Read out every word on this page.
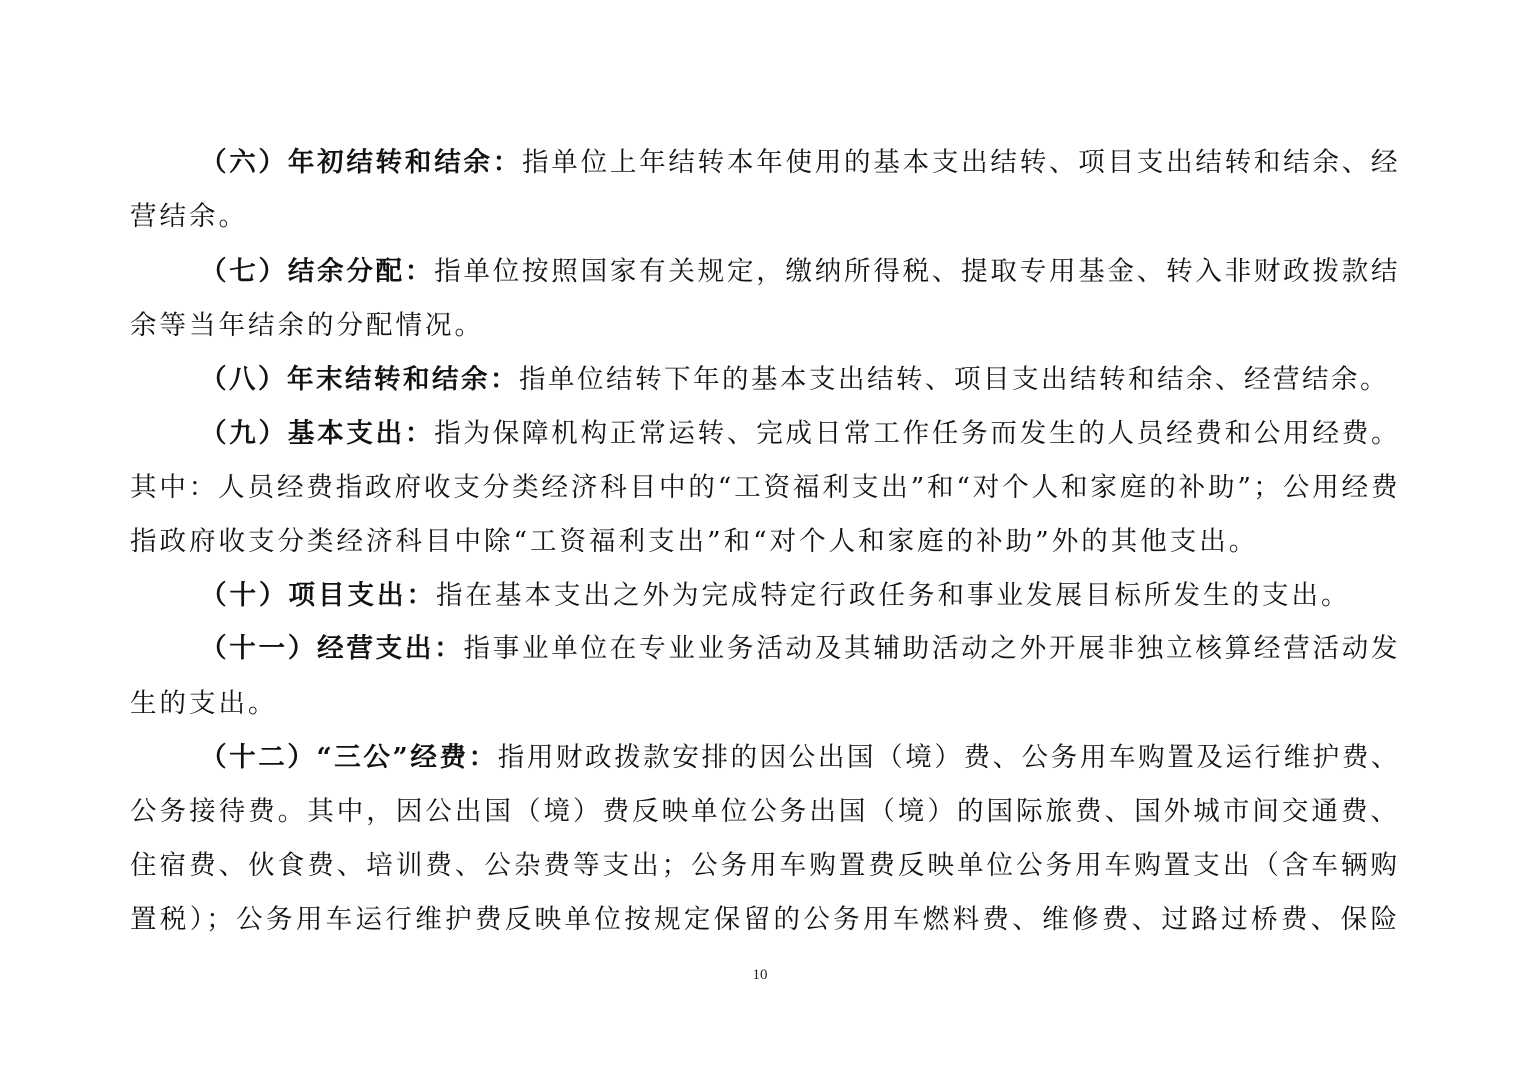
（六）年初结转和结余：指单位上年结转本年使用的基本支出结转、项目支出结转和结余、经
营结余。
（七）结余分配：指单位按照国家有关规定，缴纳所得税、提取专用基金、转入非财政拨款结
余等当年结余的分配情况。
（八）年末结转和结余：指单位结转下年的基本支出结转、项目支出结转和结余、经营结余。
（九）基本支出：指为保障机构正常运转、完成日常工作任务而发生的人员经费和公用经费。
其中：人员经费指政府收支分类经济科目中的“工资福利支出”和“对个人和家庭的补助”；公用经费
指政府收支分类经济科目中除“工资福利支出”和“对个人和家庭的补助”外的其他支出。
（十）项目支出：指在基本支出之外为完成特定行政任务和事业发展目标所发生的支出。
（十一）经营支出：指事业单位在专业业务活动及其辅助活动之外开展非独立核算经营活动发
生的支出。
（十二）“三公”经费：指用财政拨款安排的因公出国（境）费、公务用车购置及运行维护费、
公务接待费。其中，因公出国（境）费反映单位公务出国（境）的国际旅费、国外城市间交通费、
住宿费、伙食费、培训费、公杂费等支出；公务用车购置费反映单位公务用车购置支出（含车辆购
置税）；公务用车运行维护费反映单位按规定保留的公务用车燃料费、维修费、过路过桥费、保险
10
